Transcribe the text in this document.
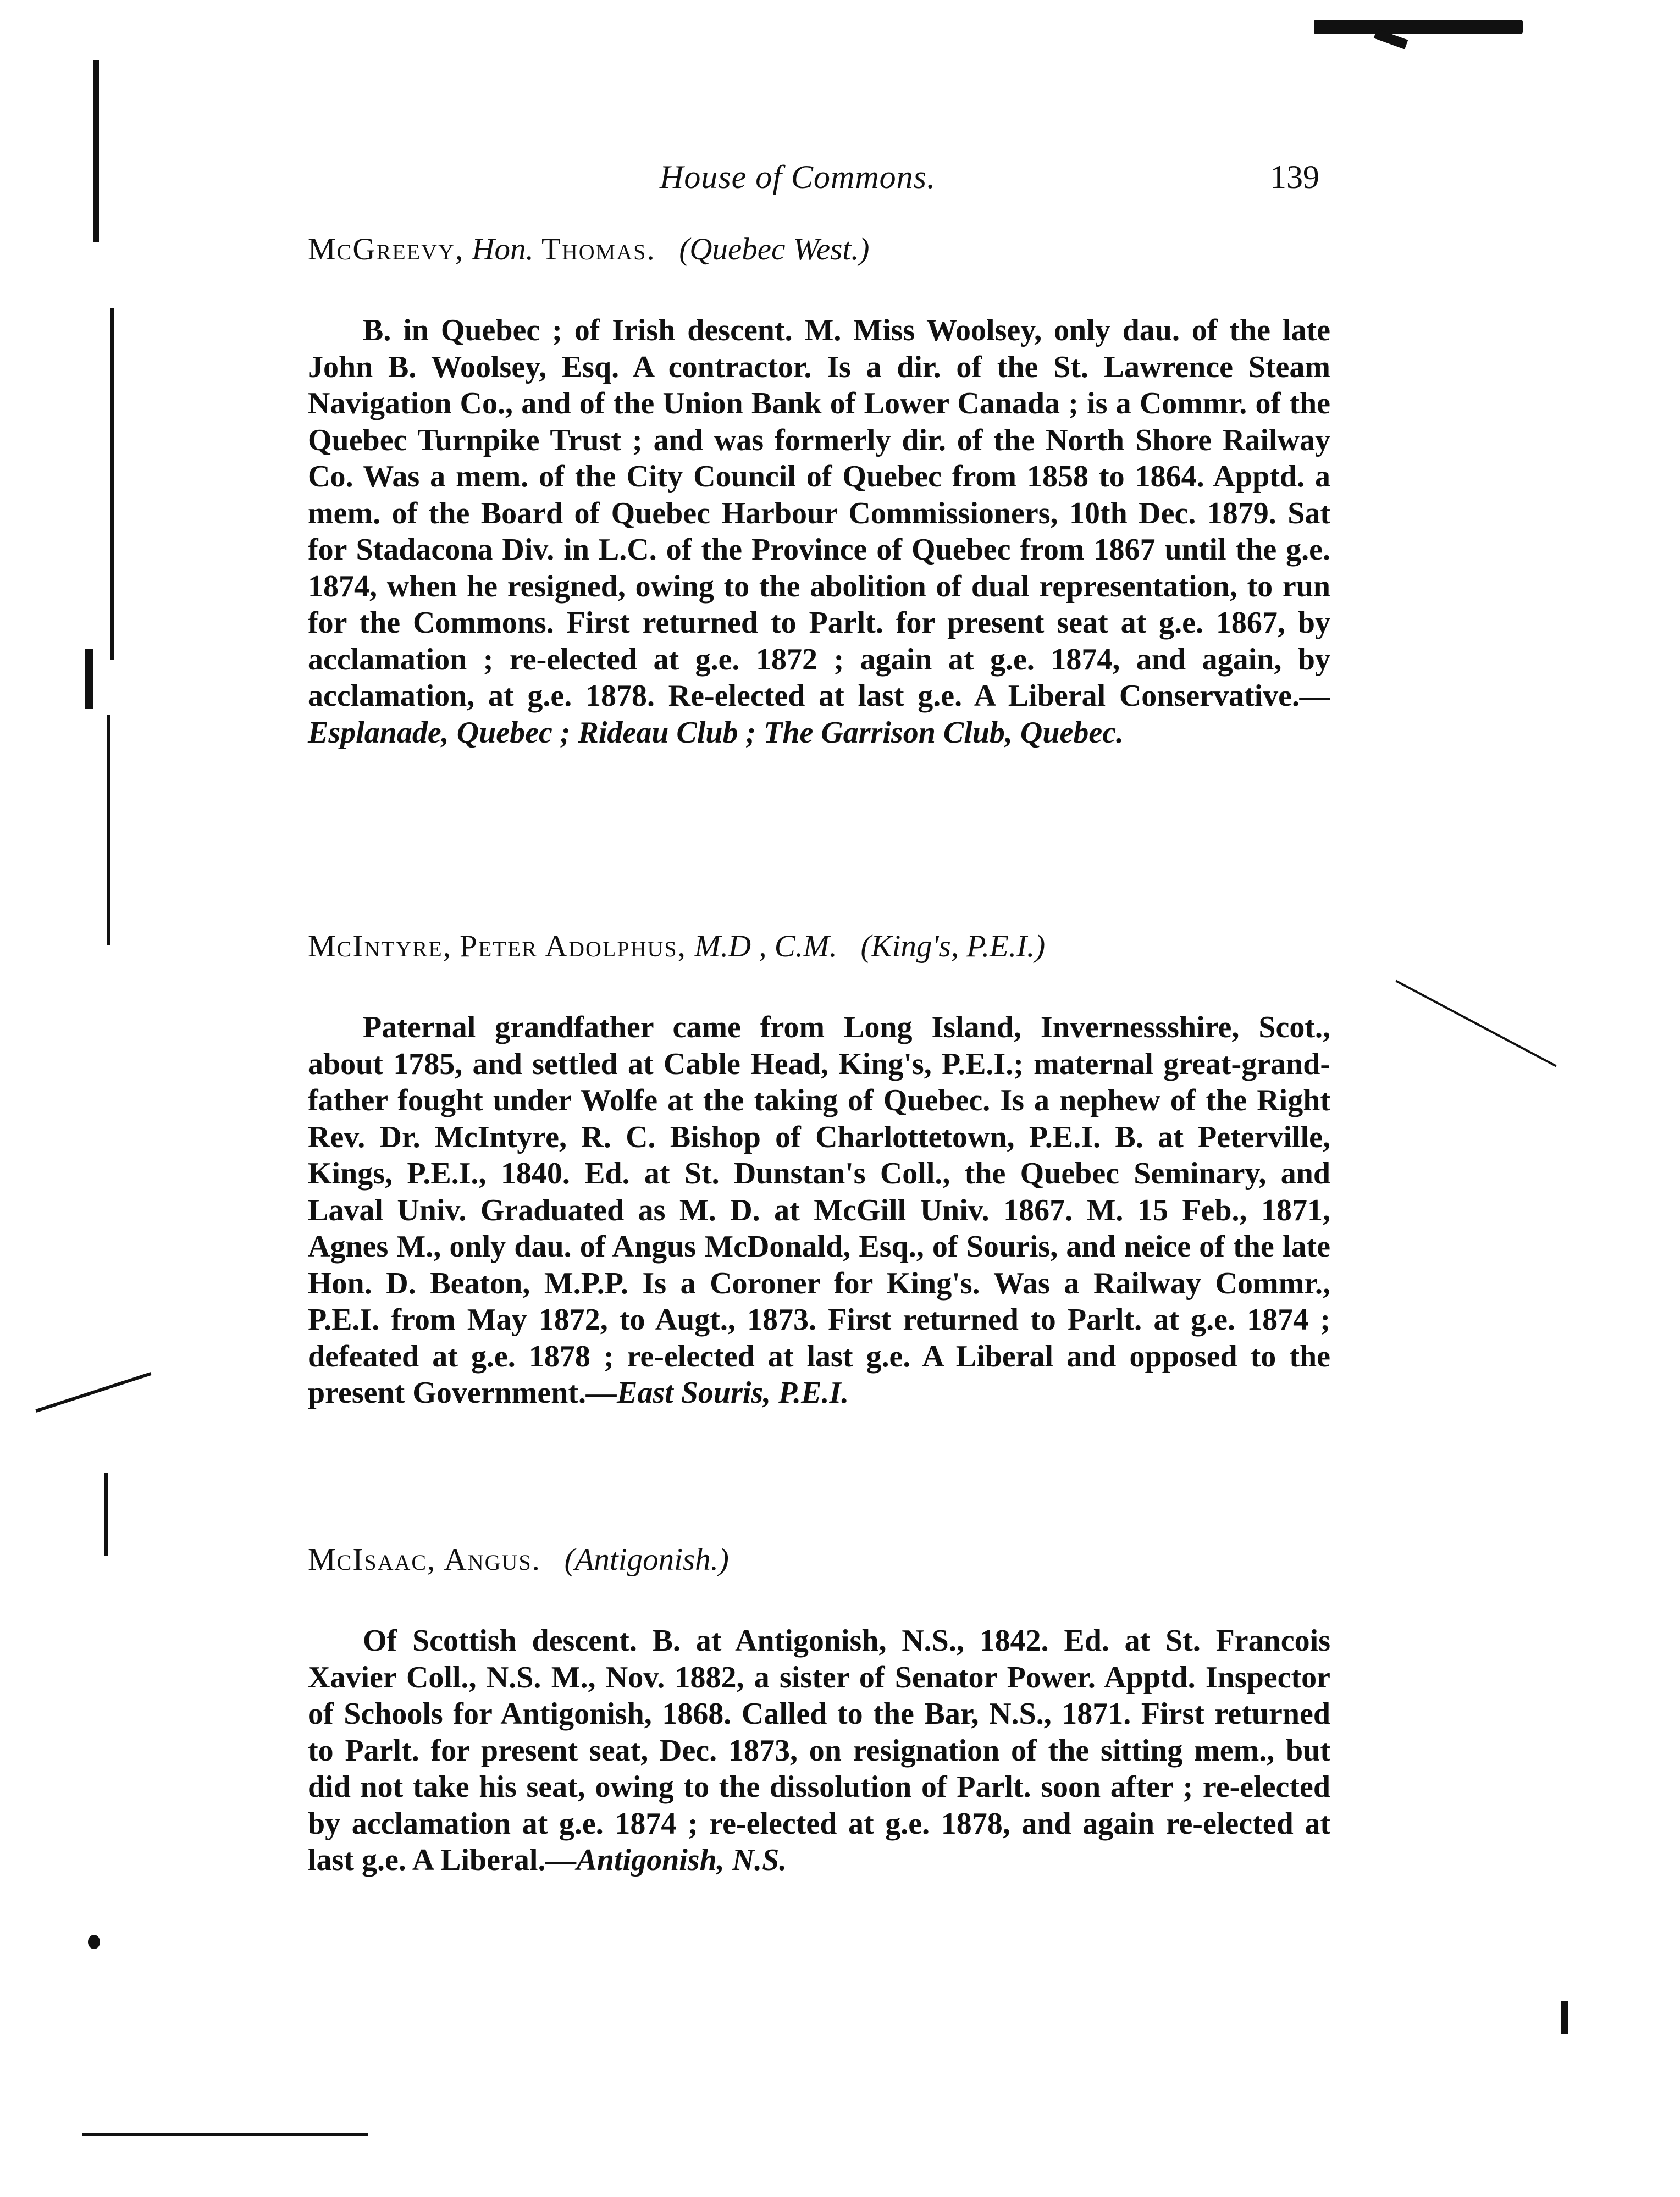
House of Commons.	139
McGreevy, Hon. Thomas. (Quebec West.)

B. in Quebec ; of Irish descent. M. Miss Woolsey, only dau. of the late John B. Woolsey, Esq. A contractor. Is a dir. of the St. Lawrence Steam Navigation Co., and of the Union Bank of Lower Canada ; is a Commr. of the Quebec Turnpike Trust ; and was formerly dir. of the North Shore Railway Co. Was a mem. of the City Council of Quebec from 1858 to 1864. Apptd. a mem. of the Board of Quebec Harbour Commissioners, 10th Dec. 1879. Sat for Stadacona Div. in L.C. of the Province of Quebec from 1867 until the g.e. 1874, when he resigned, owing to the abolition of dual representation, to run for the Commons. First returned to Parlt. for present seat at g.e. 1867, by acclamation ; re-elected at g.e. 1872 ; again at g.e. 1874, and again, by acclamation, at g.e. 1878. Re-elected at last g.e. A Liberal Conservative.—Esplanade, Quebec ; Rideau Club ; The Garrison Club, Quebec.

McIntyre, Peter Adolphus, M.D , C.M. (King's, P.E.I.)

Paternal grandfather came from Long Island, Invernessshire, Scot., about 1785, and settled at Cable Head, King's, P.E.I.; maternal great-grand-father fought under Wolfe at the taking of Quebec. Is a nephew of the Right Rev. Dr. McIntyre, R. C. Bishop of Charlottetown, P.E.I. B. at Peterville, Kings, P.E.I., 1840. Ed. at St. Dunstan's Coll., the Quebec Seminary, and Laval Univ. Graduated as M. D. at McGill Univ. 1867. M. 15 Feb., 1871, Agnes M., only dau. of Angus McDonald, Esq., of Souris, and neice of the late Hon. D. Beaton, M.P.P. Is a Coroner for King's. Was a Railway Commr., P.E.I. from May 1872, to Augt., 1873. First returned to Parlt. at g.e. 1874 ; defeated at g.e. 1878 ; re-elected at last g.e. A Liberal and opposed to the present Government.—East Souris, P.E.I.

McIsaac, Angus. (Antigonish.)

Of Scottish descent. B. at Antigonish, N.S., 1842. Ed. at St. Francois Xavier Coll., N.S. M., Nov. 1882, a sister of Senator Power. Apptd. Inspector of Schools for Antigonish, 1868. Called to the Bar, N.S., 1871. First returned to Parlt. for present seat, Dec. 1873, on resignation of the sitting mem., but did not take his seat, owing to the dissolution of Parlt. soon after ; re-elected by acclamation at g.e. 1874 ; re-elected at g.e. 1878, and again re-elected at last g.e. A Liberal.—Antigonish, N.S.
